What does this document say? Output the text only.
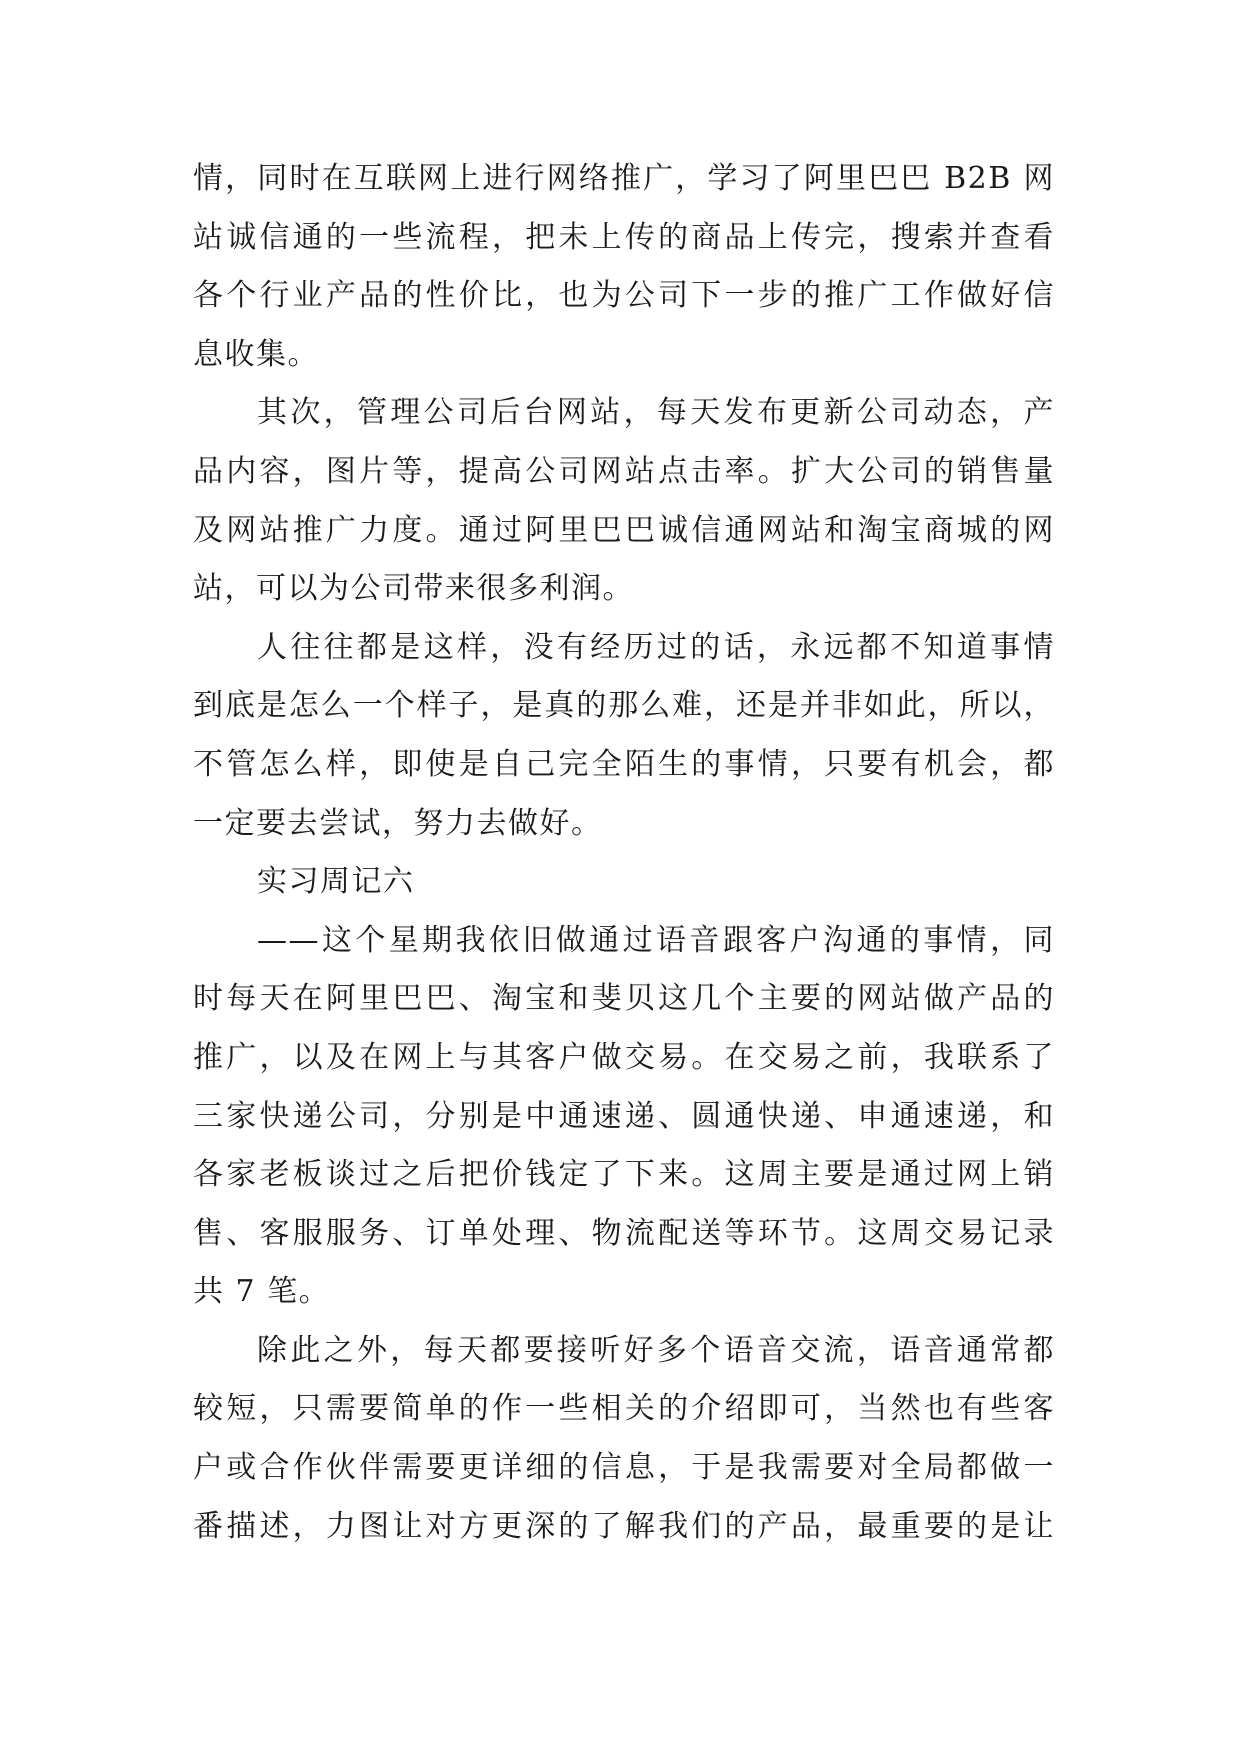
情，同时在互联网上进行网络推广，学习了阿里巴巴 B2B 网
站诚信通的一些流程，把未上传的商品上传完，搜索并查看
各个行业产品的性价比，也为公司下一步的推广工作做好信
息收集。
其次，管理公司后台网站，每天发布更新公司动态，产
品内容，图片等，提高公司网站点击率。扩大公司的销售量
及网站推广力度。通过阿里巴巴诚信通网站和淘宝商城的网
站，可以为公司带来很多利润。
人往往都是这样，没有经历过的话，永远都不知道事情
到底是怎么一个样子，是真的那么难，还是并非如此，所以，
不管怎么样，即使是自己完全陌生的事情，只要有机会，都
一定要去尝试，努力去做好。
实习周记六
——这个星期我依旧做通过语音跟客户沟通的事情，同
时每天在阿里巴巴、淘宝和斐贝这几个主要的网站做产品的
推广，以及在网上与其客户做交易。在交易之前，我联系了
三家快递公司，分别是中通速递、圆通快递、申通速递，和
各家老板谈过之后把价钱定了下来。这周主要是通过网上销
售、客服服务、订单处理、物流配送等环节。这周交易记录
共 7 笔。
除此之外，每天都要接听好多个语音交流，语音通常都
较短，只需要简单的作一些相关的介绍即可，当然也有些客
户或合作伙伴需要更详细的信息，于是我需要对全局都做一
番描述，力图让对方更深的了解我们的产品，最重要的是让
